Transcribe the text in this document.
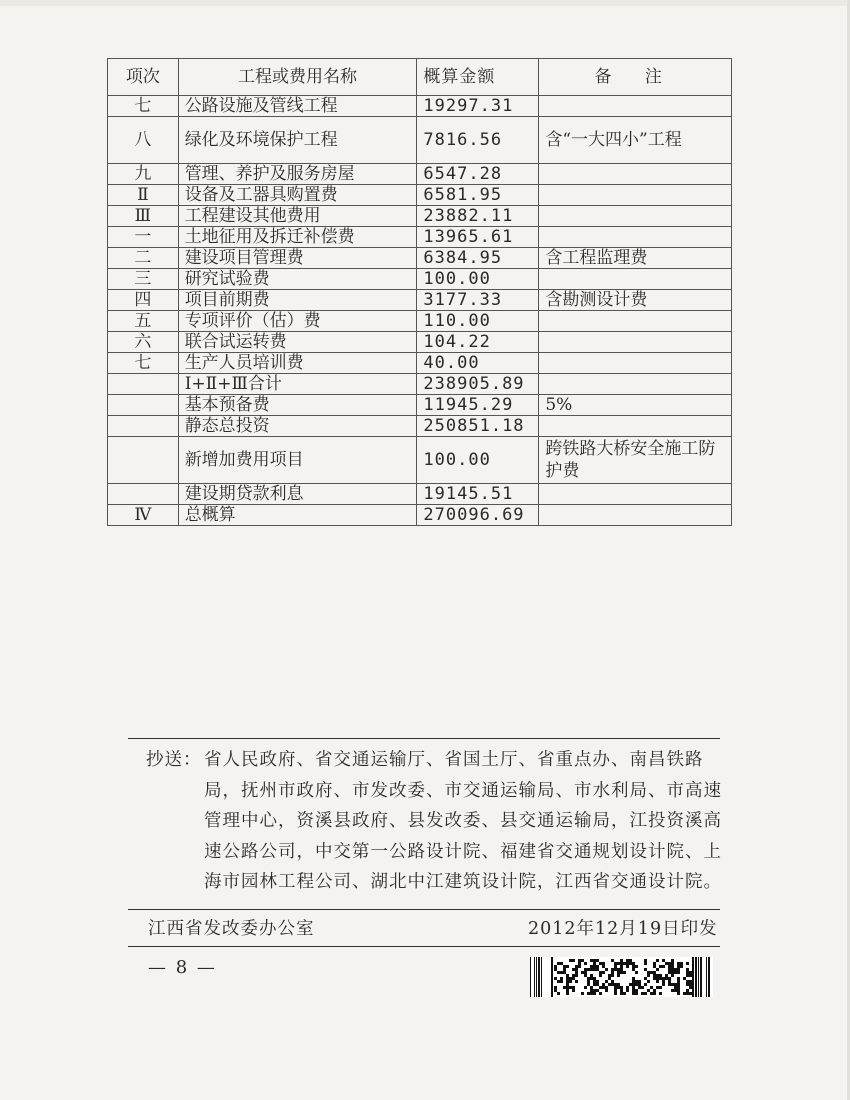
项次	工程或费用名称	概算金额	备 注
七	公路设施及管线工程	19297.31	
八	绿化及环境保护工程	7816.56	含“一大四小”工程
九	管理、养护及服务房屋	6547.28	
Ⅱ	设备及工器具购置费	6581.95	
Ⅲ	工程建设其他费用	23882.11	
一	土地征用及拆迁补偿费	13965.61	
二	建设项目管理费	6384.95	含工程监理费
三	研究试验费	100.00	
四	项目前期费	3177.33	含勘测设计费
五	专项评价（估）费	110.00	
六	联合试运转费	104.22	
七	生产人员培训费	40.00	
	Ⅰ+Ⅱ+Ⅲ合计	238905.89	
	基本预备费	11945.29	5%
	静态总投资	250851.18	
	新增加费用项目	100.00	跨铁路大桥安全施工防护费
	建设期贷款利息	19145.51	
Ⅳ	总概算	270096.69	
抄送： 省人民政府、省交通运输厅、省国土厅、省重点办、南昌铁路局，抚州市政府、市发改委、市交通运输局、市水利局、市高速管理中心，资溪县政府、县发改委、县交通运输局，江投资溪高速公路公司，中交第一公路设计院、福建省交通规划设计院、上海市园林工程公司、湖北中江建筑设计院，江西省交通设计院。
江西省发改委办公室	2012年12月19日印发
— 8 —
